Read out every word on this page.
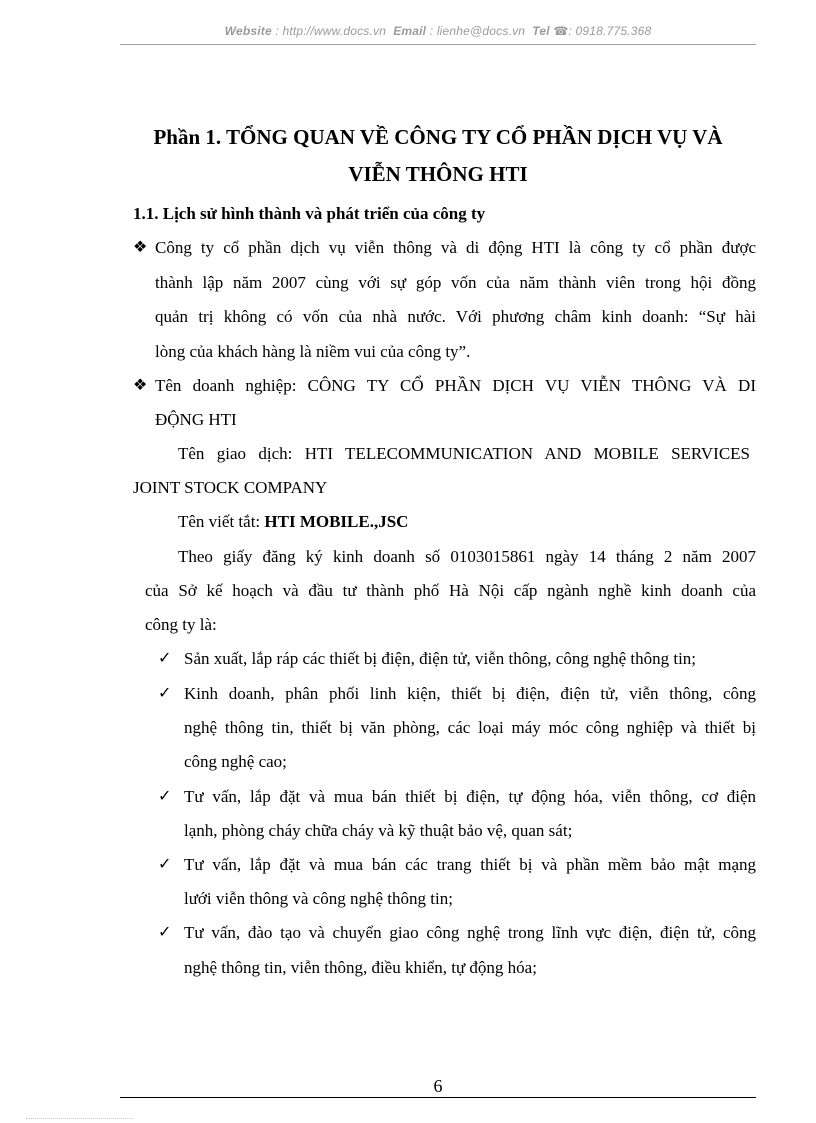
Website : http://www.docs.vn Email : lienhe@docs.vn Tel ☎: 0918.775.368
Phần 1. TỔNG QUAN VỀ CÔNG TY CỔ PHẦN DỊCH VỤ VÀ
VIỄN THÔNG HTI
1.1. Lịch sử hình thành và phát triển của công ty
❖ Công ty cổ phần dịch vụ viễn thông và di động HTI là công ty cổ phần được
thành lập năm 2007 cùng với sự góp vốn của năm thành viên trong hội đồng
quản trị không có vốn của nhà nước. Với phương châm kinh doanh: “Sự hài
lòng của khách hàng là niềm vui của công ty”.
❖ Tên doanh nghiệp: CÔNG TY CỔ PHẦN DỊCH VỤ VIỄN THÔNG VÀ DI
ĐỘNG HTI
Tên giao dịch: HTI TELECOMMUNICATION AND MOBILE SERVICES
JOINT STOCK COMPANY
Tên viết tắt: HTI MOBILE.,JSC
Theo giấy đăng ký kinh doanh số 0103015861 ngày 14 tháng 2 năm 2007
của Sở kế hoạch và đầu tư thành phố Hà Nội cấp ngành nghề kinh doanh của
công ty là:
✓ Sản xuất, lắp ráp các thiết bị điện, điện tử, viễn thông, công nghệ thông tin;
✓ Kinh doanh, phân phối linh kiện, thiết bị điện, điện tử, viễn thông, công
nghệ thông tin, thiết bị văn phòng, các loại máy móc công nghiệp và thiết bị
công nghệ cao;
✓ Tư vấn, lắp đặt và mua bán thiết bị điện, tự động hóa, viễn thông, cơ điện
lạnh, phòng cháy chữa cháy và kỹ thuật bảo vệ, quan sát;
✓ Tư vấn, lắp đặt và mua bán các trang thiết bị và phần mềm bảo mật mạng
lưới viễn thông và công nghệ thông tin;
✓ Tư vấn, đào tạo và chuyển giao công nghệ trong lĩnh vực điện, điện tử, công
nghệ thông tin, viễn thông, điều khiển, tự động hóa;
6
